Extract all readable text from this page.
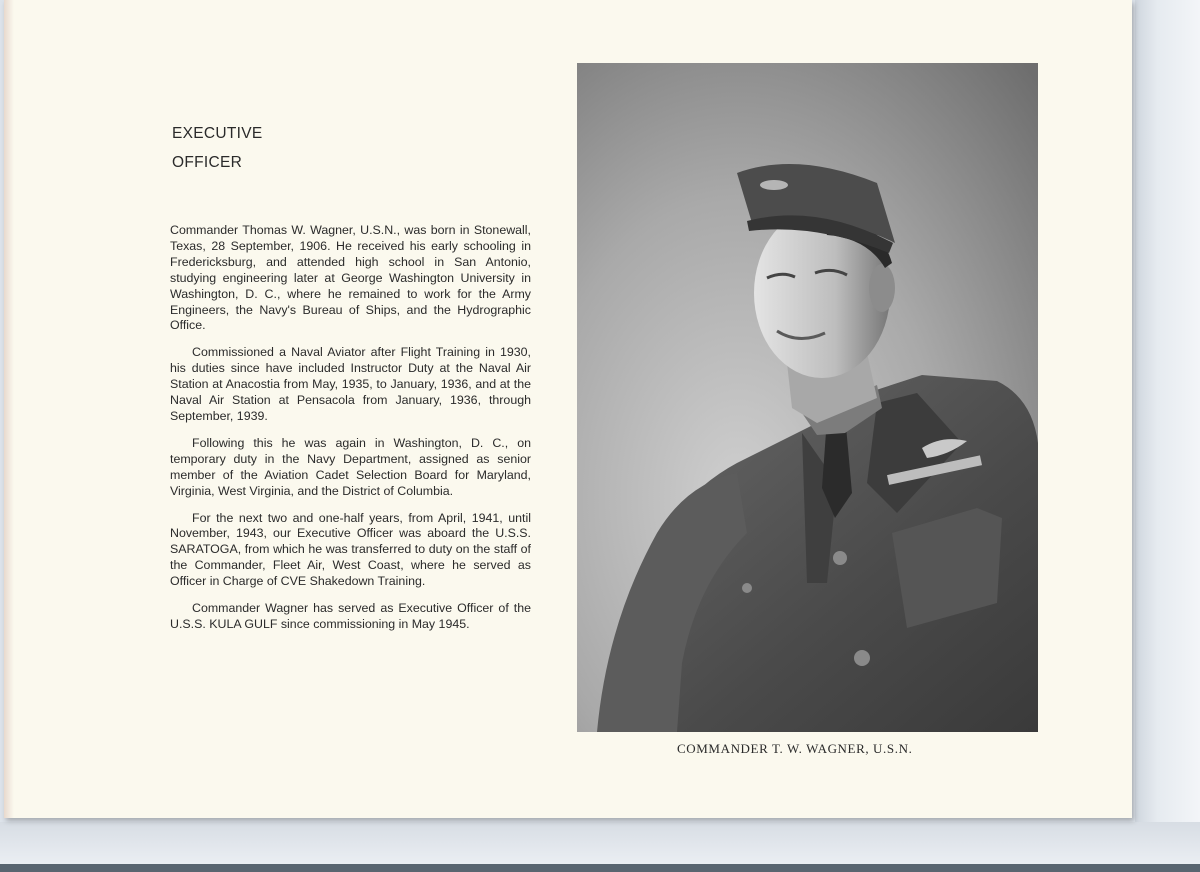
EXECUTIVE
OFFICER

Commander Thomas W. Wagner, U.S.N., was born in Stonewall, Texas, 28 September, 1906. He received his early schooling in Fredericksburg, and attended high school in San Antonio, studying engineering later at George Washington University in Washington, D. C., where he remained to work for the Army Engineers, the Navy's Bureau of Ships, and the Hydrographic Office.

Commissioned a Naval Aviator after Flight Training in 1930, his duties since have included Instructor Duty at the Naval Air Station at Anacostia from May, 1935, to January, 1936, and at the Naval Air Station at Pensacola from January, 1936, through September, 1939.

Following this he was again in Washington, D. C., on temporary duty in the Navy Department, assigned as senior member of the Aviation Cadet Selection Board for Maryland, Virginia, West Virginia, and the District of Columbia.

For the next two and one-half years, from April, 1941, until November, 1943, our Executive Officer was aboard the U.S.S. SARATOGA, from which he was transferred to duty on the staff of the Commander, Fleet Air, West Coast, where he served as Officer in Charge of CVE Shakedown Training.

Commander Wagner has served as Executive Officer of the U.S.S. KULA GULF since commissioning in May 1945.

COMMANDER T. W. WAGNER, U.S.N.
